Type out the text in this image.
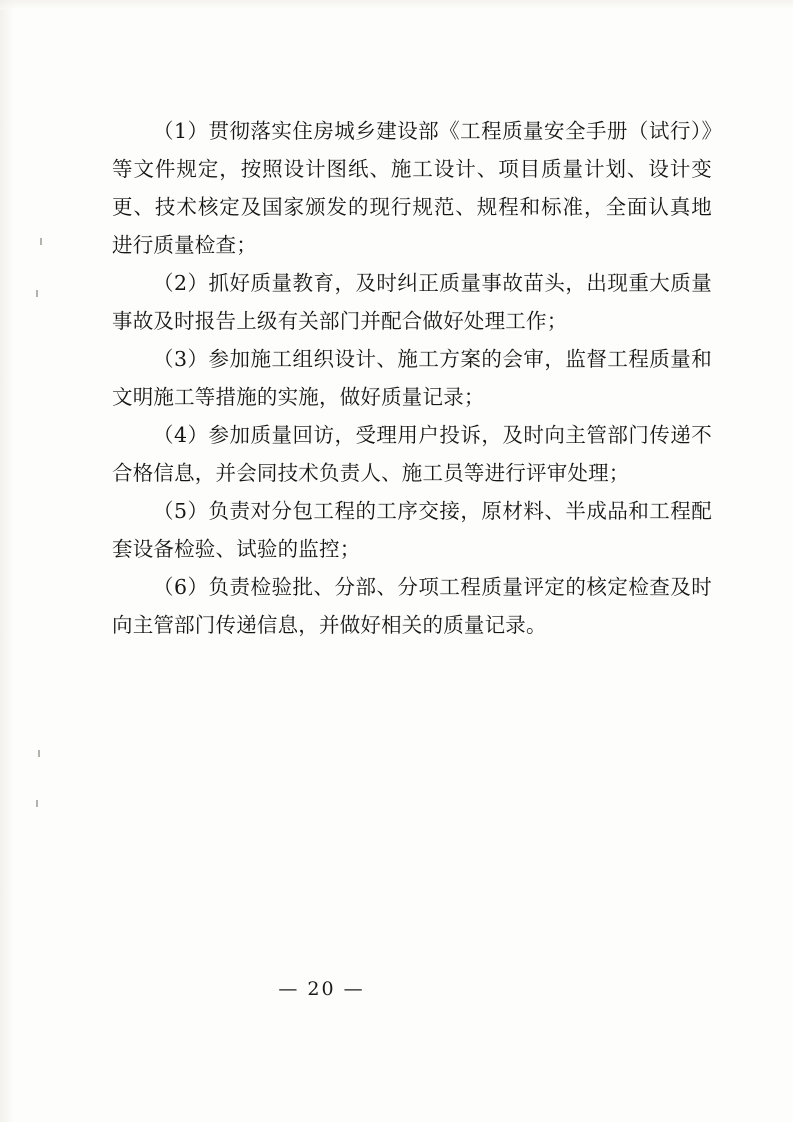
（1）贯彻落实住房城乡建设部《工程质量安全手册（试行）》等文件规定，按照设计图纸、施工设计、项目质量计划、设计变更、技术核定及国家颁发的现行规范、规程和标准，全面认真地进行质量检查；

（2）抓好质量教育，及时纠正质量事故苗头，出现重大质量事故及时报告上级有关部门并配合做好处理工作；

（3）参加施工组织设计、施工方案的会审，监督工程质量和文明施工等措施的实施，做好质量记录；

（4）参加质量回访，受理用户投诉，及时向主管部门传递不合格信息，并会同技术负责人、施工员等进行评审处理；

（5）负责对分包工程的工序交接，原材料、半成品和工程配套设备检验、试验的监控；

（6）负责检验批、分部、分项工程质量评定的核定检查及时向主管部门传递信息，并做好相关的质量记录。

— 20 —
